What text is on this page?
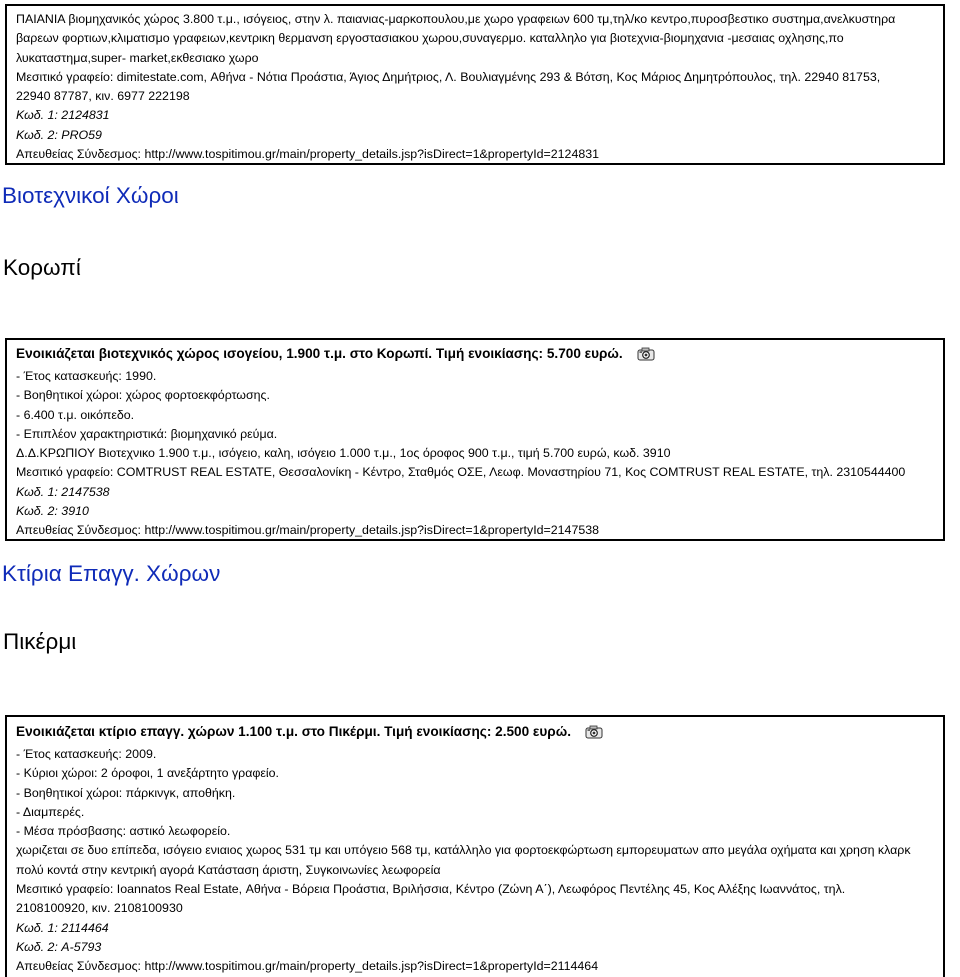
ΠΑΙΑΝΙΑ βιομηχανικός χώρος 3.800 τ.μ., ισόγειος, στην λ. παιανιας-μαρκοπουλου,με χωρο γραφειων 600 τμ,τηλ/κο κεντρο,πυροσβεστικο συστημα,ανελκυστηρα
βαρεων φορτιων,κλιματισμο γραφειων,κεντρικη θερμανση εργοστασιακου χωρου,συναγερμο. καταλληλο για βιοτεχνια-βιομηχανια -μεσαιας οχλησης,πο
λυκαταστημα,super- market,εκθεσιακο χωρο
Μεσιτικό γραφείο: dimitestate.com, Αθήνα - Νότια Προάστια, Άγιος Δημήτριος, Λ. Βουλιαγμένης 293 & Βότση, Κος Μάριος Δημητρόπουλος, τηλ. 22940 81753,
22940 87787, κιν. 6977 222198
Κωδ. 1: 2124831
Κωδ. 2: PRO59
Απευθείας Σύνδεσμος: http://www.tospitimou.gr/main/property_details.jsp?isDirect=1&propertyId=2124831
Βιοτεχνικοί Χώροι
Κορωπί
Ενοικιάζεται βιοτεχνικός χώρος ισογείου, 1.900 τ.μ. στο Κορωπί. Τιμή ενοικίασης: 5.700 ευρώ.
- Έτος κατασκευής: 1990.
- Βοηθητικοί χώροι: χώρος φορτοεκφόρτωσης.
- 6.400 τ.μ. οικόπεδο.
- Επιπλέον χαρακτηριστικά: βιομηχανικό ρεύμα.
Δ.Δ.ΚΡΩΠΙΟΥ Βιοτεχνικο 1.900 τ.μ., ισόγειο, καλη, ισόγειο 1.000 τ.μ., 1ος όροφος 900 τ.μ., τιμή 5.700 ευρώ, κωδ. 3910
Μεσιτικό γραφείο: COMTRUST REAL ESTATE, Θεσσαλονίκη - Κέντρο, Σταθμός ΟΣΕ, Λεωφ. Μοναστηρίου 71, Κος COMTRUST REAL ESTATE, τηλ. 2310544400
Κωδ. 1: 2147538
Κωδ. 2: 3910
Απευθείας Σύνδεσμος: http://www.tospitimou.gr/main/property_details.jsp?isDirect=1&propertyId=2147538
Κτίρια Επαγγ. Χώρων
Πικέρμι
Ενοικιάζεται κτίριο επαγγ. χώρων 1.100 τ.μ. στο Πικέρμι. Τιμή ενοικίασης: 2.500 ευρώ.
- Έτος κατασκευής: 2009.
- Κύριοι χώροι: 2 όροφοι, 1 ανεξάρτητο γραφείο.
- Βοηθητικοί χώροι: πάρκινγκ, αποθήκη.
- Διαμπερές.
- Μέσα πρόσβασης: αστικό λεωφορείο.
χωριζεται σε δυο επίπεδα, ισόγειο ενιαιος χωρος 531 τμ και υπόγειο 568 τμ, κατάλληλο για φορτοεκφώρτωση εμπορευματων απο μεγάλα οχήματα και χρηση κλαρκ
πολύ κοντά στην κεντρική αγορά Κατάσταση άριστη, Συγκοινωνίες λεωφορεία
Μεσιτικό γραφείο: Ioannatos Real Estate, Αθήνα - Βόρεια Προάστια, Βριλήσσια, Κέντρο (Ζώνη Α΄), Λεωφόρος Πεντέλης 45, Κος Αλέξης Ιωαννάτος, τηλ.
2108100920, κιν. 2108100930
Κωδ. 1: 2114464
Κωδ. 2: A-5793
Απευθείας Σύνδεσμος: http://www.tospitimou.gr/main/property_details.jsp?isDirect=1&propertyId=2114464
